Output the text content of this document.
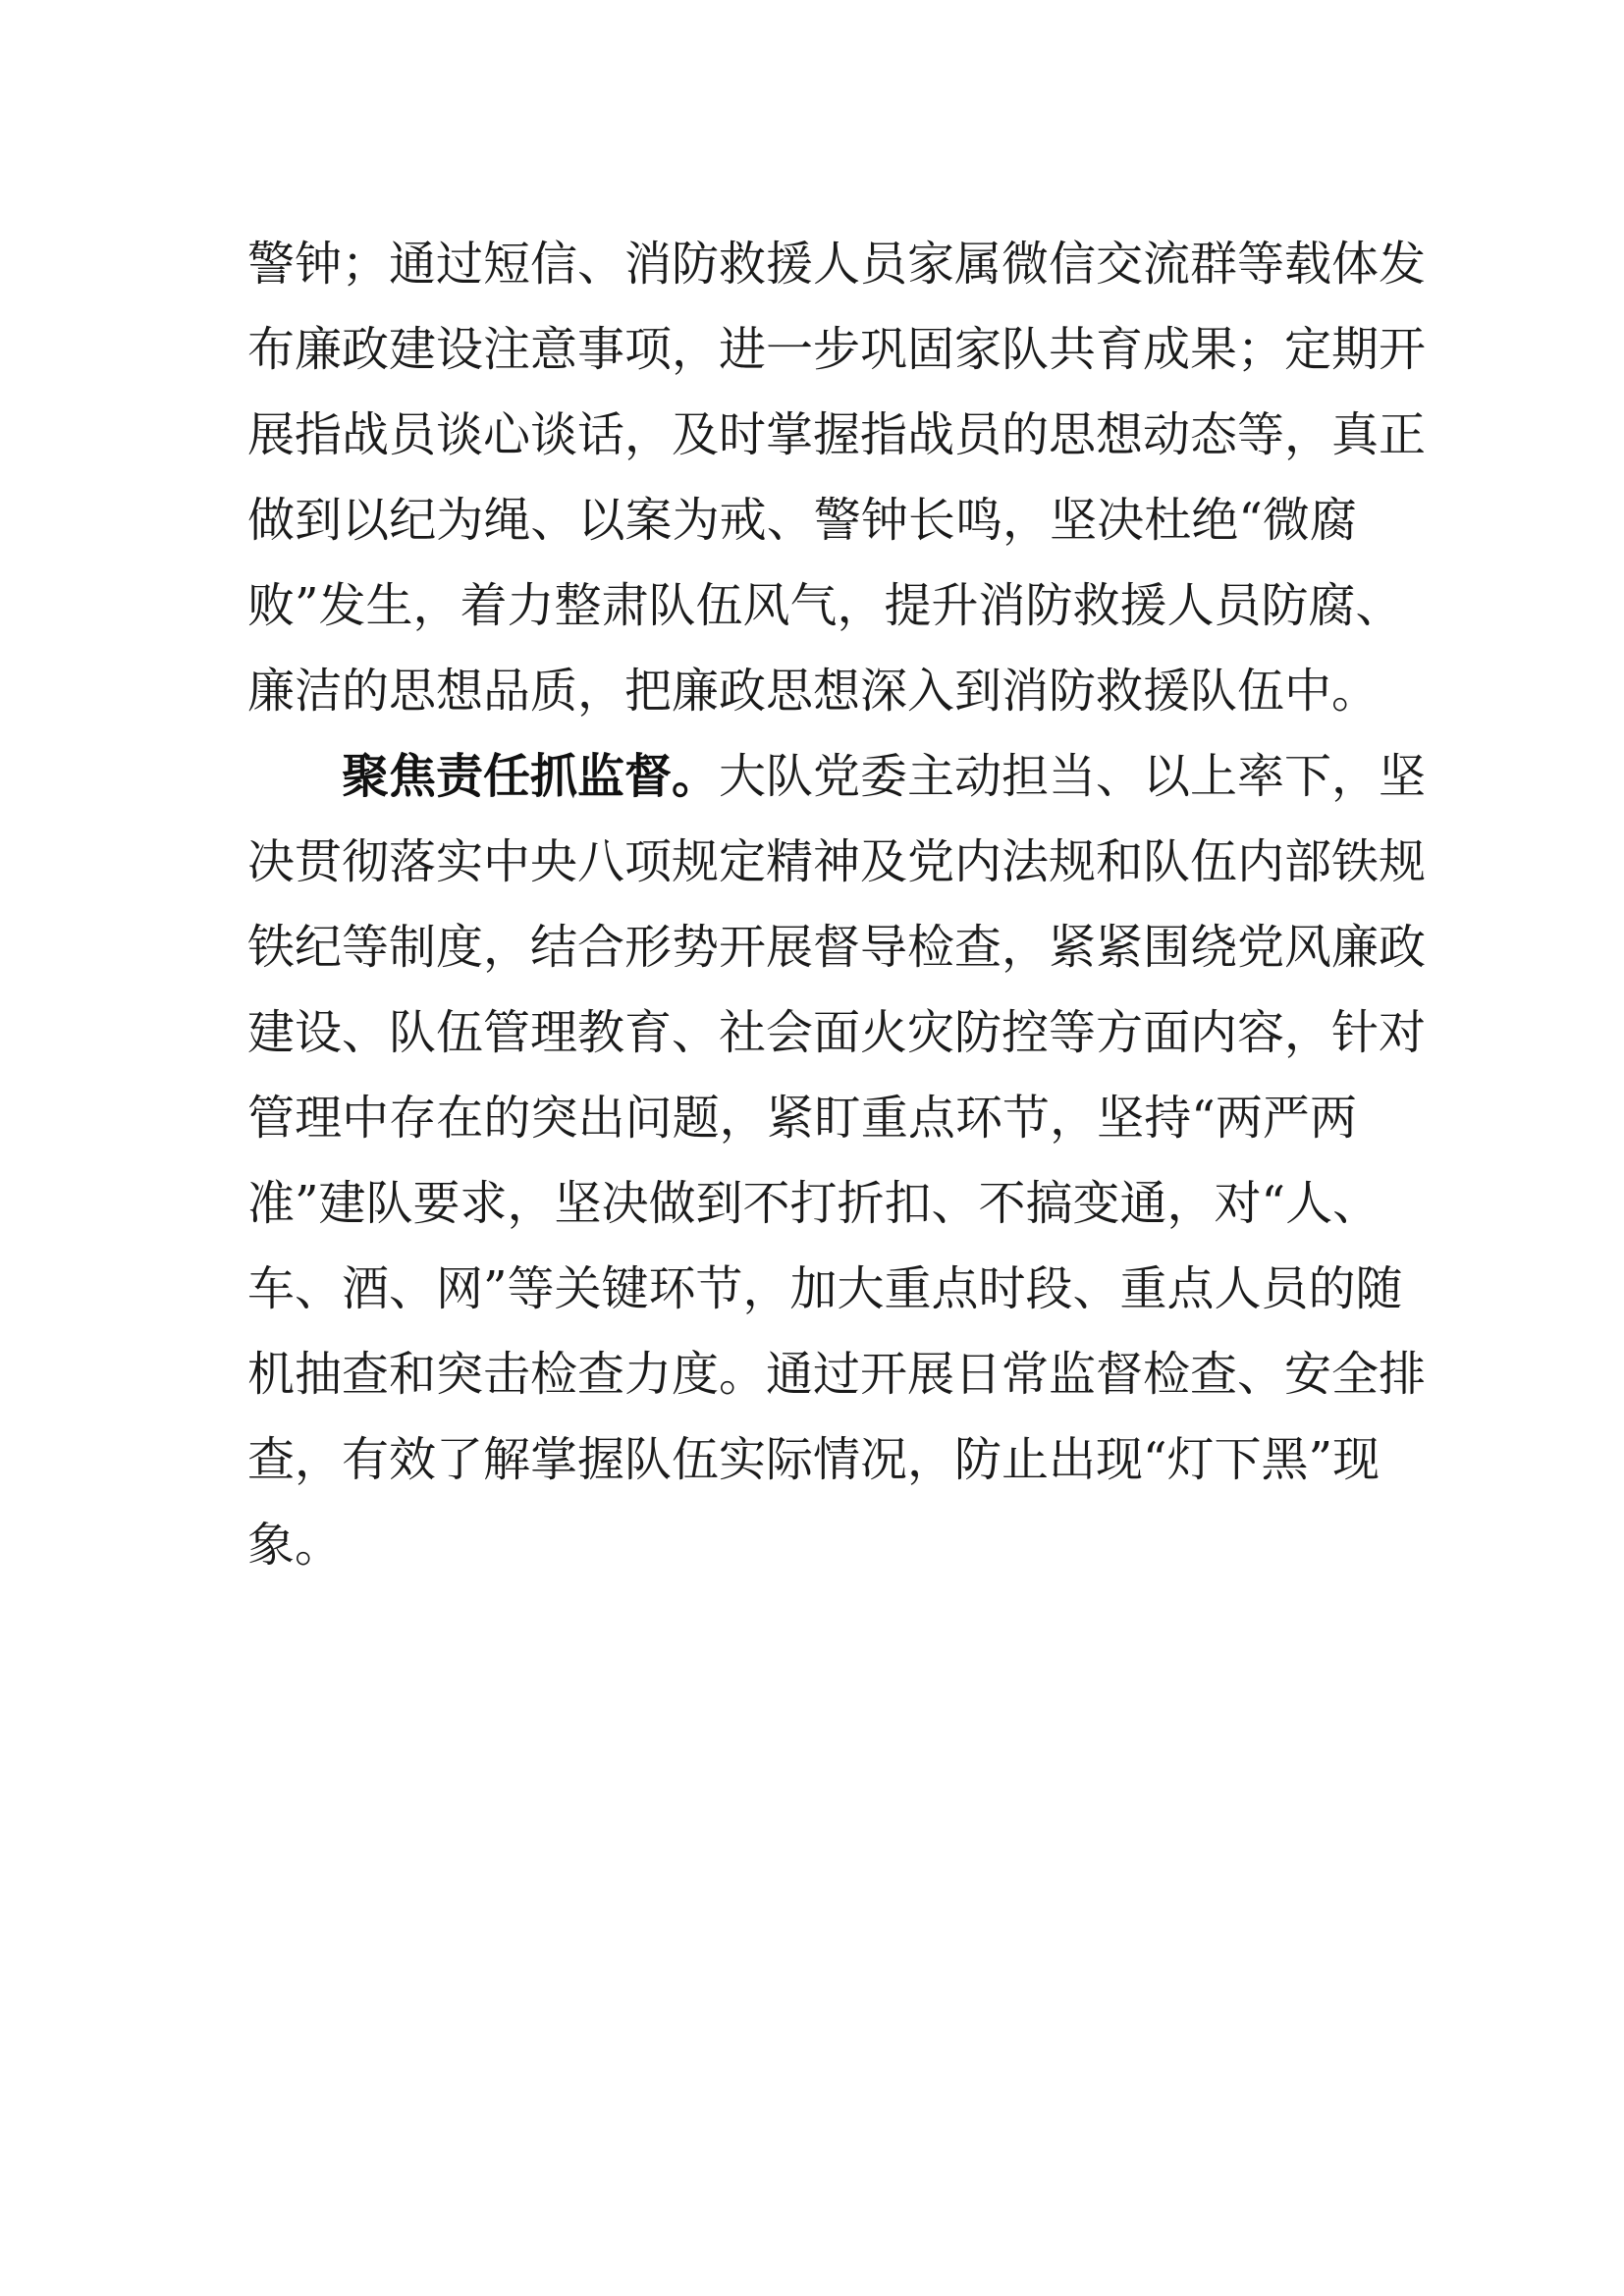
警钟；通过短信、消防救援人员家属微信交流群等载体发
布廉政建设注意事项，进一步巩固家队共育成果；定期开
展指战员谈心谈话，及时掌握指战员的思想动态等，真正
做到以纪为绳、以案为戒、警钟长鸣，坚决杜绝“微腐
败”发生，着力整肃队伍风气，提升消防救援人员防腐、
廉洁的思想品质，把廉政思想深入到消防救援队伍中。
聚焦责任抓监督。大队党委主动担当、以上率下，坚
决贯彻落实中央八项规定精神及党内法规和队伍内部铁规
铁纪等制度，结合形势开展督导检查，紧紧围绕党风廉政
建设、队伍管理教育、社会面火灾防控等方面内容，针对
管理中存在的突出问题，紧盯重点环节，坚持“两严两
准”建队要求，坚决做到不打折扣、不搞变通，对“人、
车、酒、网”等关键环节，加大重点时段、重点人员的随
机抽查和突击检查力度。通过开展日常监督检查、安全排
查，有效了解掌握队伍实际情况，防止出现“灯下黑”现
象。
